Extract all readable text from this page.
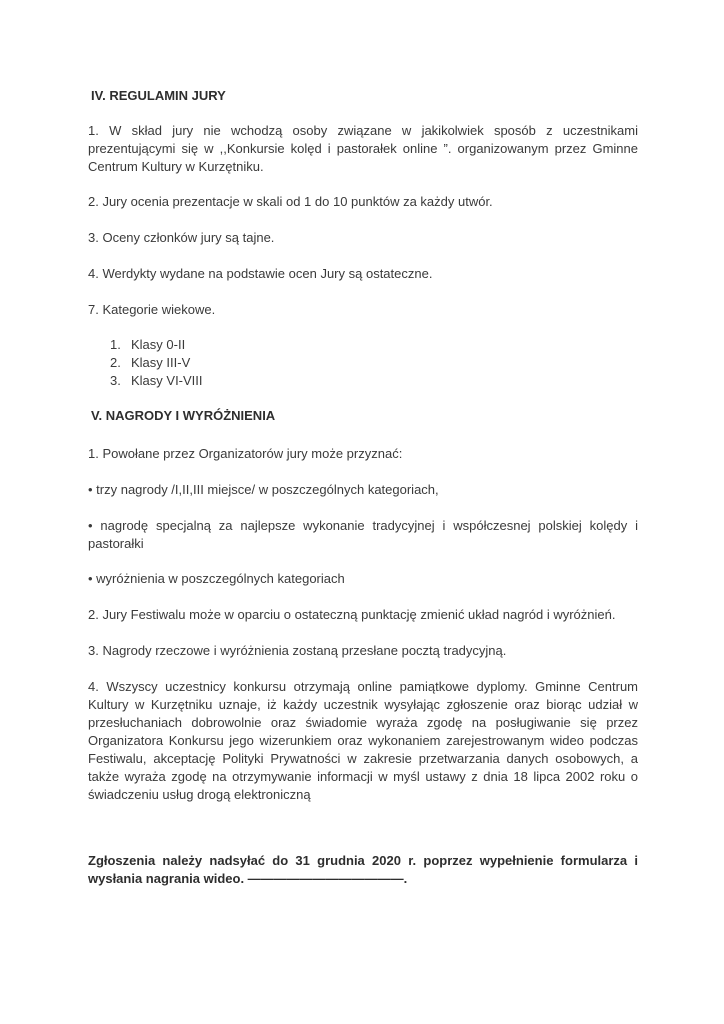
IV. REGULAMIN JURY
1. W skład jury nie wchodzą osoby związane w jakikolwiek sposób z uczestnikami prezentującymi się w ,,Konkursie kolęd i pastorałek online ”. organizowanym przez Gminne Centrum Kultury w Kurzętniku.
2. Jury ocenia prezentacje w skali od 1 do 10 punktów za każdy utwór.
3. Oceny członków jury są tajne.
4. Werdykty wydane na podstawie ocen Jury są ostateczne.
7. Kategorie wiekowe.
1. Klasy 0-II
2. Klasy III-V
3. Klasy VI-VIII
V. NAGRODY I WYRÓŻNIENIA
1. Powołane przez Organizatorów jury może przyznać:
• trzy nagrody /I,II,III miejsce/ w poszczególnych kategoriach,
• nagrodę specjalną za najlepsze wykonanie tradycyjnej i współczesnej polskiej kolędy i pastorałki
• wyróżnienia w poszczególnych kategoriach
2. Jury Festiwalu może w oparciu o ostateczną punktację zmienić układ nagród i wyróżnień.
3. Nagrody rzeczowe i wyróżnienia zostaną przesłane pocztą tradycyjną.
4. Wszyscy uczestnicy konkursu otrzymają online pamiątkowe dyplomy. Gminne Centrum Kultury w Kurzętniku uznaje, iż każdy uczestnik wysyłając zgłoszenie oraz biorąc udział w przesłuchaniach dobrowolnie oraz świadomie wyraża zgodę na posługiwanie się przez Organizatora Konkursu jego wizerunkiem oraz wykonaniem zarejestrowanym wideo podczas Festiwalu, akceptację Polityki Prywatności w zakresie przetwarzania danych osobowych, a także wyraża zgodę na otrzymywanie informacji w myśl ustawy z dnia 18 lipca 2002 roku o świadczeniu usług drogą elektroniczną
Zgłoszenia należy nadsyłać do 31 grudnia 2020 r. poprzez wypełnienie formularza i wysłania nagrania wideo. ————————————.
